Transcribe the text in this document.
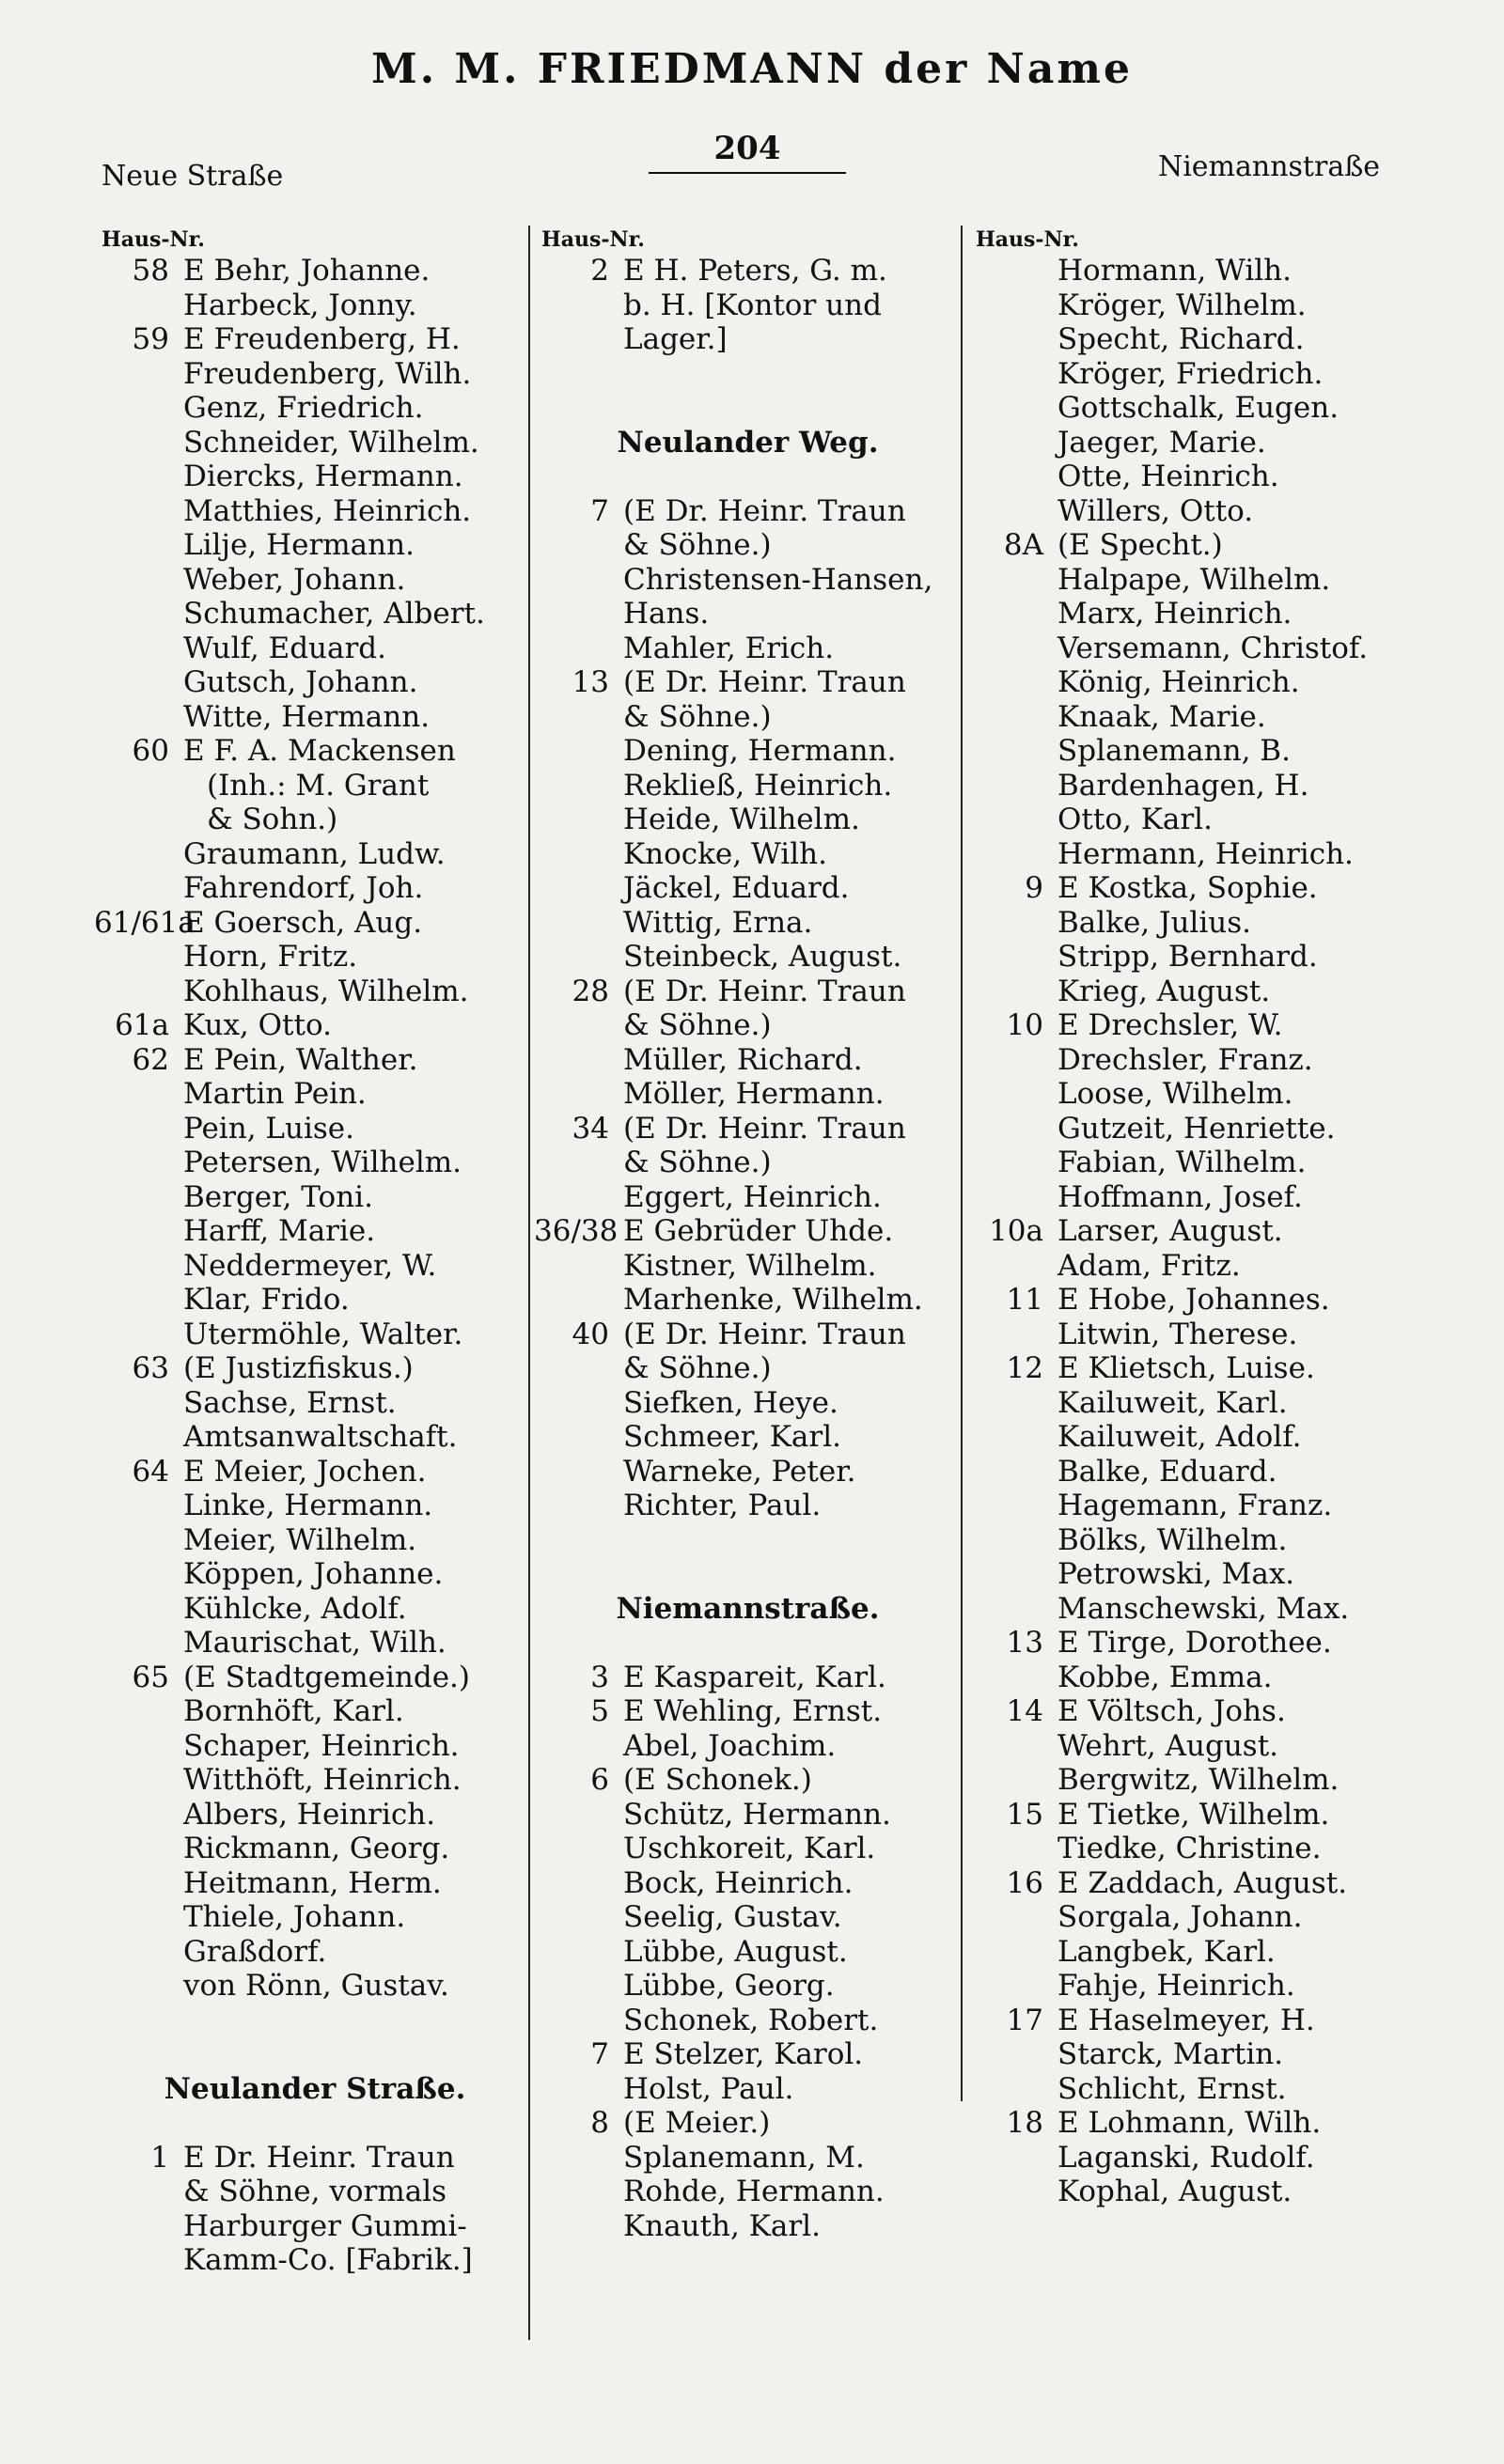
M. M. FRIEDMANN der Name
Neue Straße
204	Niemannstraße
Haus-Nr.
58 E Behr, Johanne.
Harbeck, Jonny.
59 E Freudenberg, H.
Freudenberg, Wilh.
Genz, Friedrich.
Schneider, Wilhelm.
Diercks, Hermann.
Matthies, Heinrich.
Lilje, Hermann.
Weber, Johann.
Schumacher, Albert.
Wulf, Eduard.
Gutsch, Johann.
Witte, Hermann.
60 E F. A. Mackensen
(Inh.: M. Grant
& Sohn.)
Graumann, Ludw.
Fahrendorf, Joh.
61/61a
E Goersch, Aug.
Horn, Fritz.
Kohlhaus, Wilhelm.
61a Kux, Otto.
62 E Pein, Walther.
Martin Pein.
Pein, Luise.
Petersen, Wilhelm.
Berger, Toni.
Harff, Marie.
Neddermeyer, W.
Klar, Frido.
Utermöhle, Walter.
63 (E Justizfiskus.)
Sachse, Ernst.
Amtsanwaltschaft.
64 E Meier, Jochen.
Linke, Hermann.
Meier, Wilhelm.
Köppen, Johanne.
Kühlcke, Adolf.
Maurischat, Wilh.
65 (E Stadtgemeinde.)
Bornhöft, Karl.
Schaper, Heinrich.
Witthöft, Heinrich.
Albers, Heinrich.
Rickmann, Georg.
Heitmann, Herm.
Thiele, Johann.
Graßdorf.
von Rönn, Gustav.
Neulander Straße.
1 E Dr. Heinr. Traun
& Söhne, vormals
Harburger Gummi-
Kamm-Co. [Fabrik.]
Haus-Nr.
2 E H. Peters, G. m.
b. H. [Kontor und
Lager.]
Neulander Weg.
7 (E Dr. Heinr. Traun
& Söhne.)
Christensen-Hansen,
Hans.
Mahler, Erich.
13 (E Dr. Heinr. Traun
& Söhne.)
Dening, Hermann.
Rekließ, Heinrich.
Heide, Wilhelm.
Knocke, Wilh.
Jäckel, Eduard.
Wittig, Erna.
Steinbeck, August.
28 (E Dr. Heinr. Traun
& Söhne.)
Müller, Richard.
Möller, Hermann.
34 (E Dr. Heinr. Traun
& Söhne.)
Eggert, Heinrich.
36/38 E Gebrüder Uhde.
Kistner, Wilhelm.
Marhenke, Wilhelm.
40 (E Dr. Heinr. Traun
& Söhne.)
Siefken, Heye.
Schmeer, Karl.
Warneke, Peter.
Richter, Paul.
Niemannstraße.
3 E Kaspareit, Karl.
5 E Wehling, Ernst.
Abel, Joachim.
6 (E Schonek.)
Schütz, Hermann.
Uschkoreit, Karl.
Bock, Heinrich.
Seelig, Gustav.
Lübbe, August.
Lübbe, Georg.
Schonek, Robert.
7 E Stelzer, Karol.
Holst, Paul.
8 (E Meier.)
Splanemann, M.
Rohde, Hermann.
Knauth, Karl.
Haus-Nr.
Hormann, Wilh.
Kröger, Wilhelm.
Specht, Richard.
Kröger, Friedrich.
Gottschalk, Eugen.
Jaeger, Marie.
Otte, Heinrich.
Willers, Otto.
8A (E Specht.)
Halpape, Wilhelm.
Marx, Heinrich.
Versemann, Christof.
König, Heinrich.
Knaak, Marie.
Splanemann, B.
Bardenhagen, H.
Otto, Karl.
Hermann, Heinrich.
9 E Kostka, Sophie.
Balke, Julius.
Stripp, Bernhard.
Krieg, August.
10 E Drechsler, W.
Drechsler, Franz.
Loose, Wilhelm.
Gutzeit, Henriette.
Fabian, Wilhelm.
Hoffmann, Josef.
10a Larser, August.
Adam, Fritz.
11 E Hobe, Johannes.
Litwin, Therese.
12 E Klietsch, Luise.
Kailuweit, Karl.
Kailuweit, Adolf.
Balke, Eduard.
Hagemann, Franz.
Bölks, Wilhelm.
Petrowski, Max.
Manschewski, Max.
13 E Tirge, Dorothee.
Kobbe, Emma.
14 E Völtsch, Johs.
Wehrt, August.
Bergwitz, Wilhelm.
15 E Tietke, Wilhelm.
Tiedke, Christine.
16 E Zaddach, August.
Sorgala, Johann.
Langbek, Karl.
Fahje, Heinrich.
17 E Haselmeyer, H.
Starck, Martin.
Schlicht, Ernst.
18 E Lohmann, Wilh.
Laganski, Rudolf.
Kophal, August.
